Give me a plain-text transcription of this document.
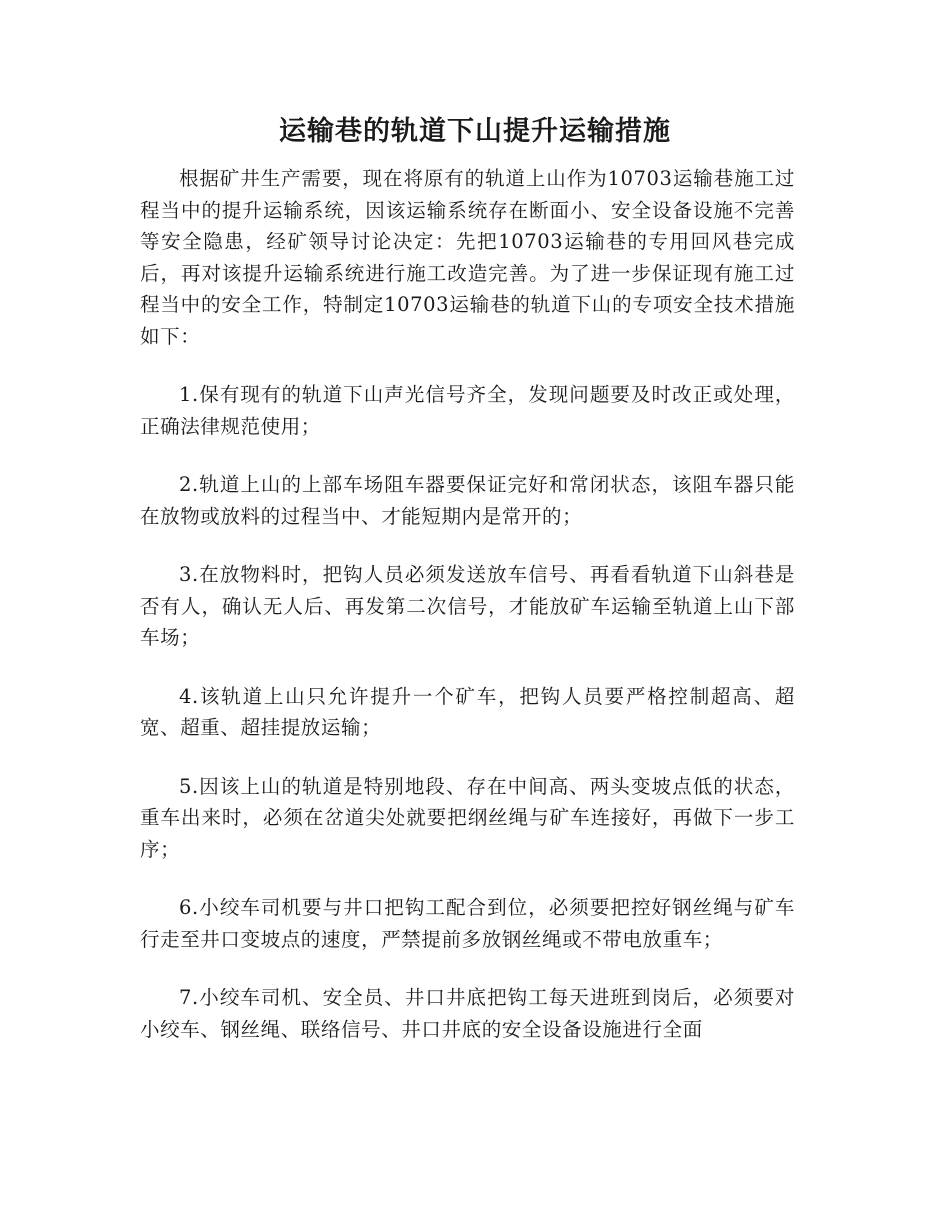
运输巷的轨道下山提升运输措施

根据矿井生产需要，现在将原有的轨道上山作为10703运输巷施工过程当中的提升运输系统，因该运输系统存在断面小、安全设备设施不完善等安全隐患，经矿领导讨论决定：先把10703运输巷的专用回风巷完成后，再对该提升运输系统进行施工改造完善。为了进一步保证现有施工过程当中的安全工作，特制定10703运输巷的轨道下山的专项安全技术措施如下：

1.保有现有的轨道下山声光信号齐全，发现问题要及时改正或处理，正确法律规范使用；

2.轨道上山的上部车场阻车器要保证完好和常闭状态，该阻车器只能在放物或放料的过程当中、才能短期内是常开的；

3.在放物料时，把钩人员必须发送放车信号、再看看轨道下山斜巷是否有人，确认无人后、再发第二次信号，才能放矿车运输至轨道上山下部车场；

4.该轨道上山只允许提升一个矿车，把钩人员要严格控制超高、超宽、超重、超挂提放运输；

5.因该上山的轨道是特别地段、存在中间高、两头变坡点低的状态，重车出来时，必须在岔道尖处就要把纲丝绳与矿车连接好，再做下一步工序；

6.小绞车司机要与井口把钩工配合到位，必须要把控好钢丝绳与矿车行走至井口变坡点的速度，严禁提前多放钢丝绳或不带电放重车；

7.小绞车司机、安全员、井口井底把钩工每天进班到岗后，必须要对小绞车、钢丝绳、联络信号、井口井底的安全设备设施进行全面
